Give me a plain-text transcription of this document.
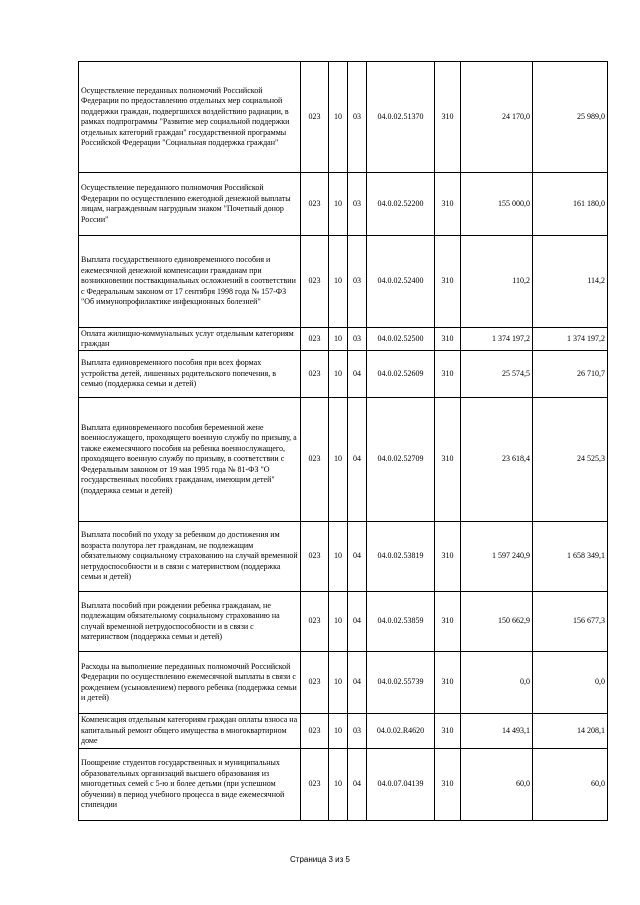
Осуществление переданных полномочий Российской Федерации по предоставлению отдельных мер социальной поддержки граждан, подвергшихся воздействию радиации, в рамках подпрограммы "Развитие мер социальной поддержки отдельных категорий граждан" государственной программы Российской Федерации "Социальная поддержка граждан"	023	10	03	04.0.02.51370	310	24 170,0	25 989,0
Осуществление переданного полномочия Российской Федерации по осуществлению ежегодной денежной выплаты лицам, награжденным нагрудным знаком "Почетный донор России"	023	10	03	04.0.02.52200	310	155 000,0	161 180,0
Выплата государственного единовременного пособия и ежемесячной денежной компенсации гражданам при возникновении поствакцинальных осложнений в соответствии с Федеральным законом от 17 сентября 1998 года № 157-ФЗ "Об иммунопрофилактике инфекционных болезней"	023	10	03	04.0.02.52400	310	110,2	114,2
Оплата жилищно-коммунальных услуг отдельным категориям граждан	023	10	03	04.0.02.52500	310	1 374 197,2	1 374 197,2
Выплата единовременного пособия при всех формах устройства детей, лишенных родительского попечения, в семью (поддержка семьи и детей)	023	10	04	04.0.02.52609	310	25 574,5	26 710,7
Выплата единовременного пособия беременной жене военнослужащего, проходящего военную службу по призыву, а также ежемесячного пособия на ребенка военнослужащего, проходящего военную службу по призыву, в соответствии с Федеральным законом от 19 мая 1995 года № 81-ФЗ "О государственных пособиях гражданам, имеющим детей" (поддержка семьи и детей)	023	10	04	04.0.02.52709	310	23 618,4	24 525,3
Выплата пособий по уходу за ребенком до достижения им возраста полутора лет гражданам, не подлежащим обязательному социальному страхованию на случай временной нетрудоспособности и в связи с материнством (поддержка семьи и детей)	023	10	04	04.0.02.53819	310	1 597 240,9	1 658 349,1
Выплата пособий при рождении ребенка гражданам, не подлежащим обязательному социальному страхованию на случай временной нетрудоспособности и в связи с материнством (поддержка семьи и детей)	023	10	04	04.0.02.53859	310	150 662,9	156 677,3
Расходы на выполнение переданных полномочий Российской Федерации по осуществлению ежемесячной выплаты в связи с рождением (усыновлением) первого ребенка (поддержка семьи и детей)	023	10	04	04.0.02.55739	310	0,0	0,0
Компенсация отдельным категориям граждан оплаты взноса на капитальный ремонт общего имущества в многоквартирном доме	023	10	03	04.0.02.R4620	310	14 493,1	14 208,1
Поощрение студентов государственных и муниципальных образовательных организаций высшего образования из многодетных семей с 5-ю и более детьми (при успешном обучении) в период учебного процесса в виде ежемесячной стипендии	023	10	04	04.0.07.04139	310	60,0	60,0
Страница 3 из 5
